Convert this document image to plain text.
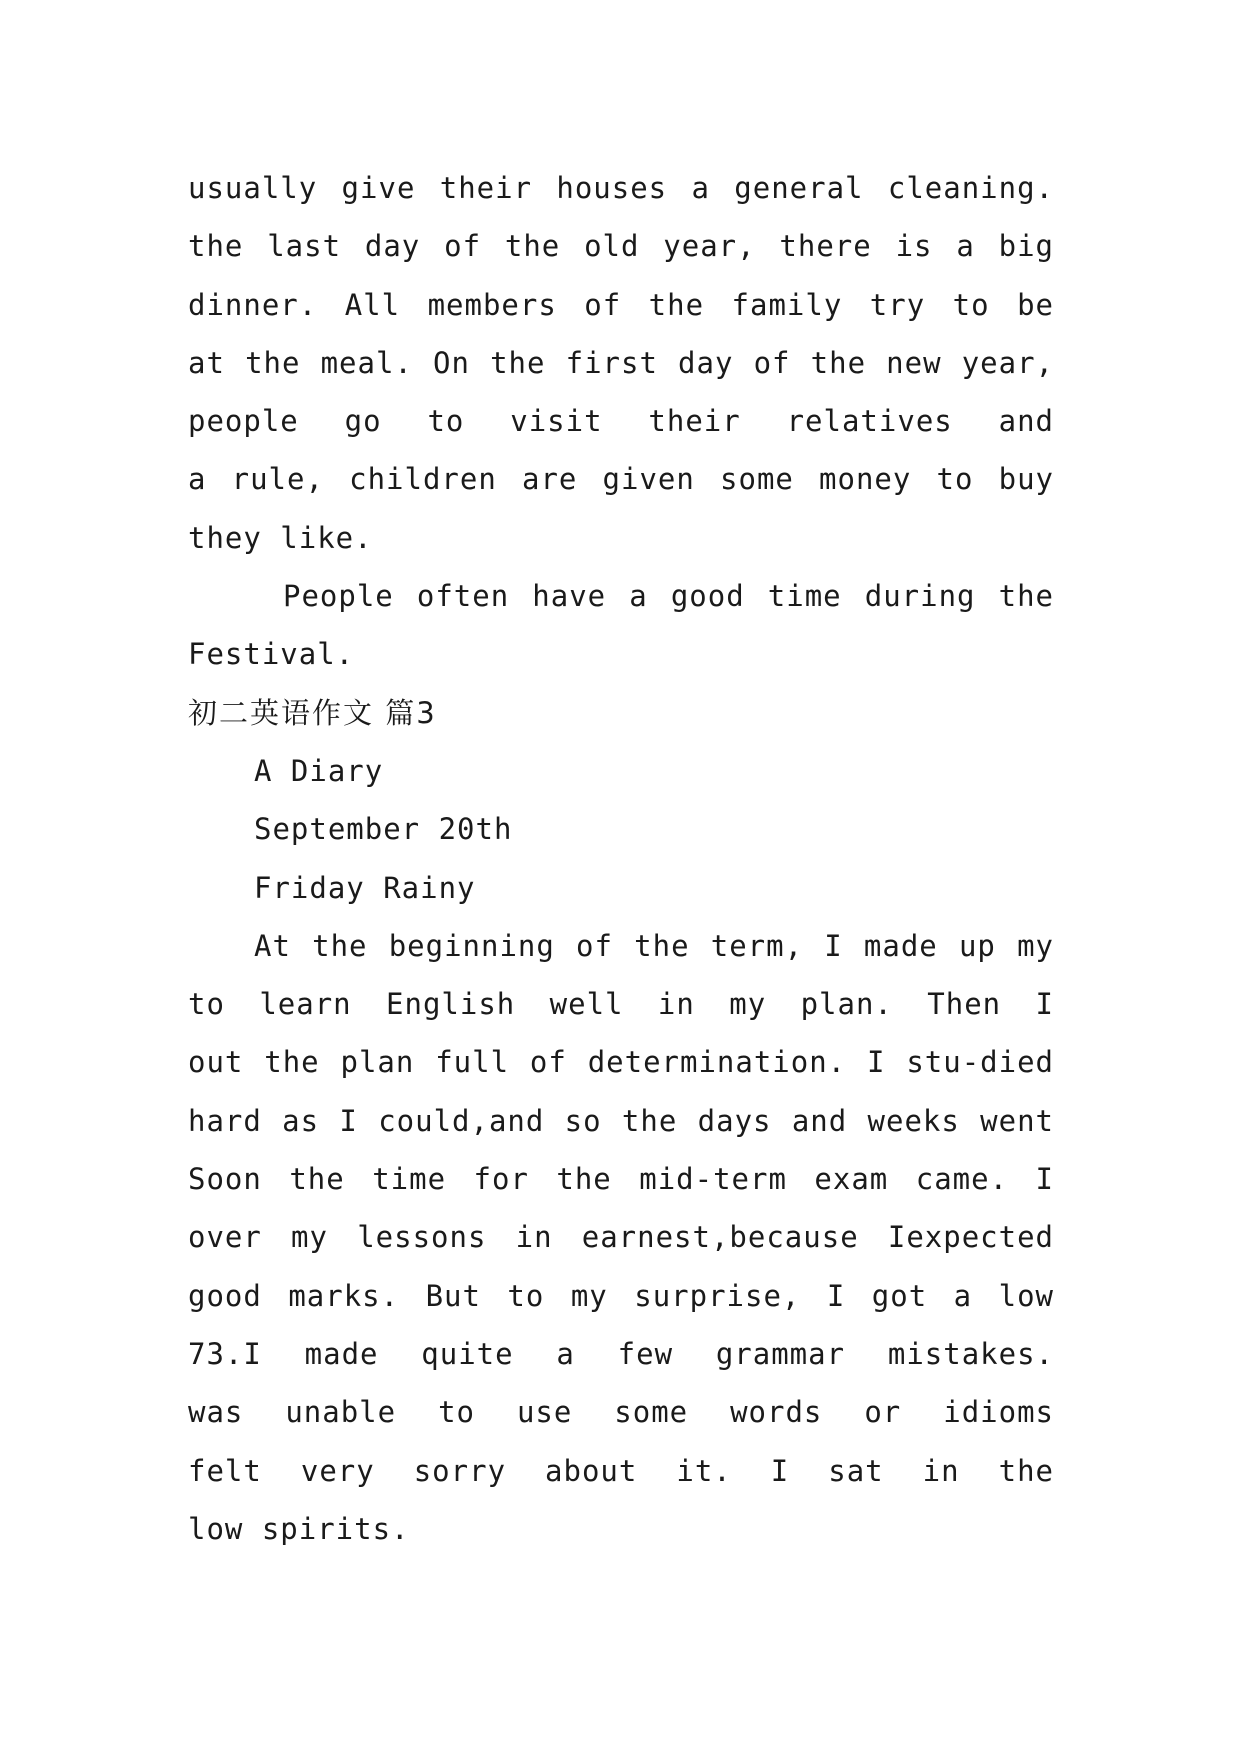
usually give their houses a general cleaning.
the last day of the old year, there is a big
dinner. All members of the family try to be
at the meal. On the first day of the new year,
people go to visit their relatives and
a rule, children are given some money to buy
they like.
People often have a good time during the
Festival.
初二英语作文 篇3
A Diary
September 20th
Friday Rainy
At the beginning of the term, I made up my
to learn English well in my plan. Then I
out the plan full of determination. I stu-died
hard as I could,and so the days and weeks went
Soon the time for the mid-term exam came. I
over my lessons in earnest,because Iexpected
good marks. But to my surprise, I got a low
73.I made quite a few grammar mistakes.
was unable to use some words or idioms
felt very sorry about it. I sat in the
low spirits.
